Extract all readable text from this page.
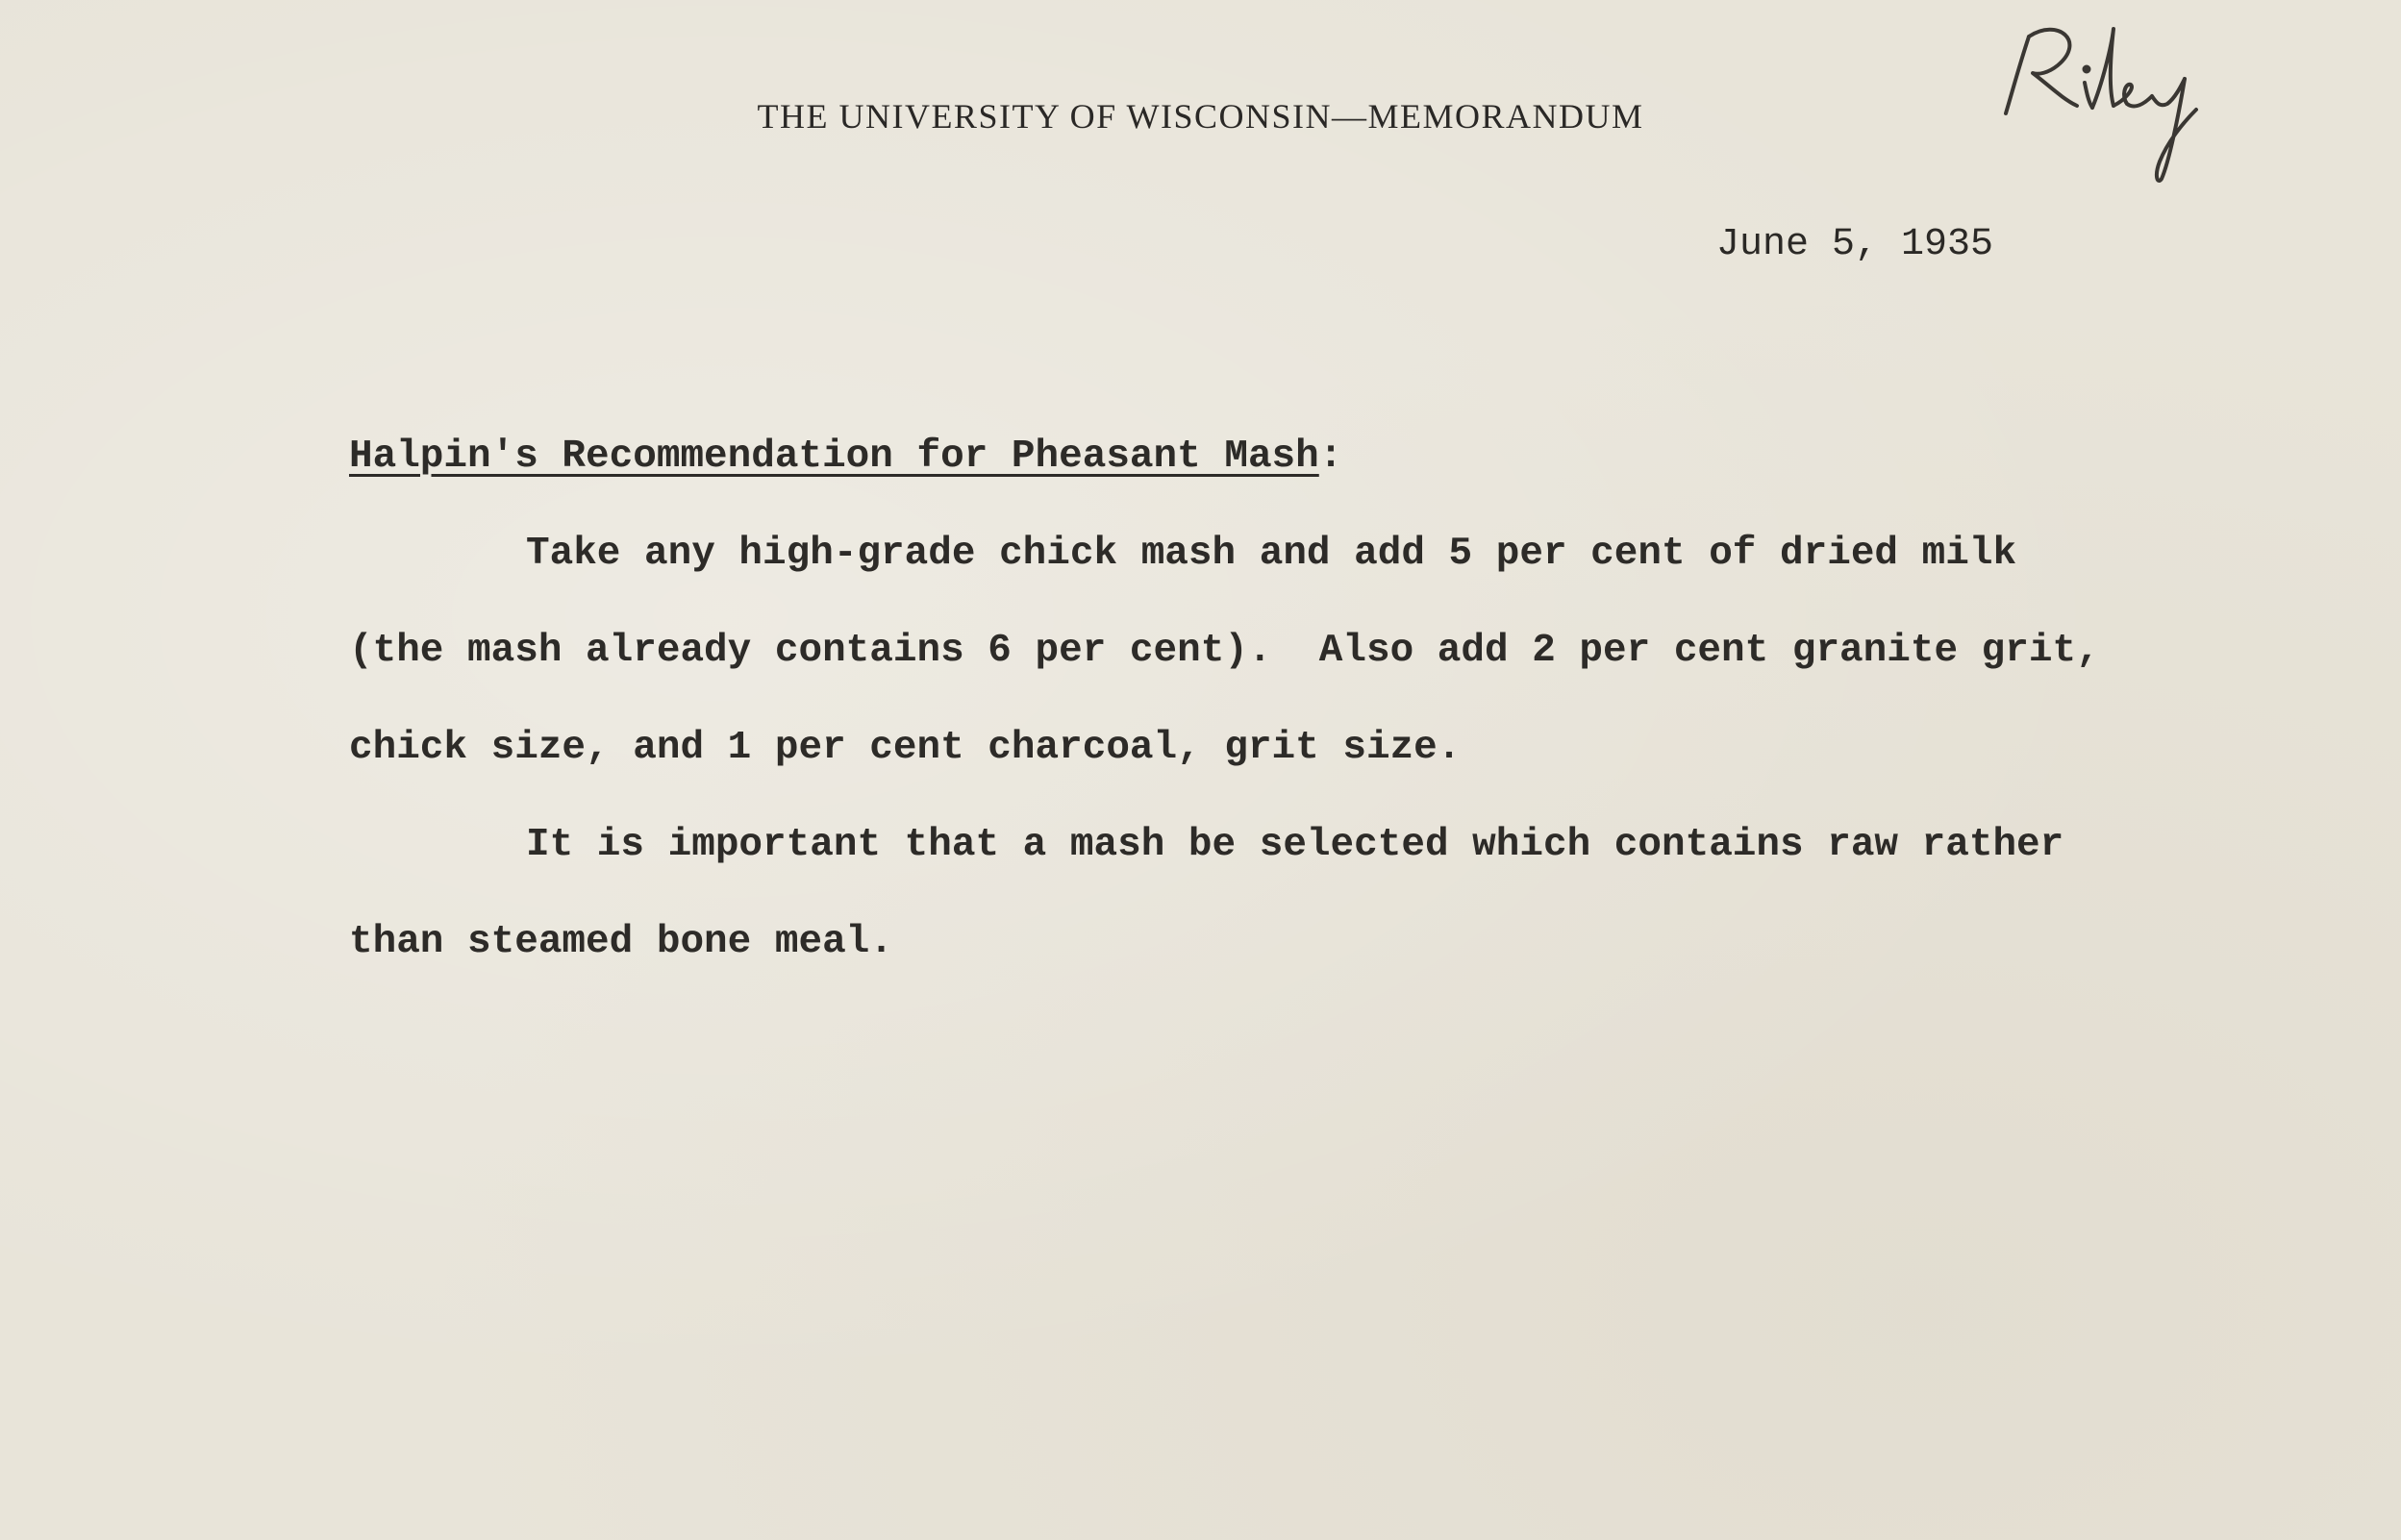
THE UNIVERSITY OF WISCONSIN—MEMORANDUM
June 5, 1935
Halpin's Recommendation for Pheasant Mash:
Take any high-grade chick mash and add 5 per cent of dried milk
(the mash already contains 6 per cent).  Also add 2 per cent granite grit,
chick size, and 1 per cent charcoal, grit size.
It is important that a mash be selected which contains raw rather
than steamed bone meal.
